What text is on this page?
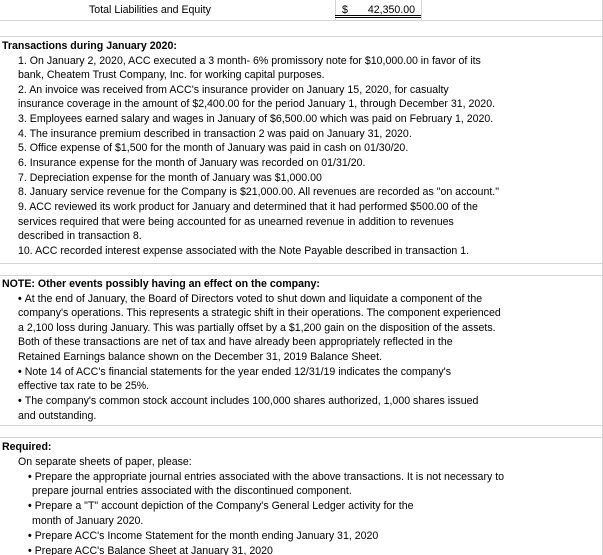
Total Liabilities and Equity	$ 42,350.00
Transactions during January 2020:
1. On January 2, 2020, ACC executed a 3 month- 6% promissory note for $10,000.00 in favor of its
bank, Cheatem Trust Company, Inc. for working capital purposes.
2. An invoice was received from ACC's insurance provider on January 15, 2020, for casualty
insurance coverage in the amount of $2,400.00 for the period January 1, through December 31, 2020.
3. Employees earned salary and wages in January of $6,500.00 which was paid on February 1, 2020.
4. The insurance premium described in transaction 2 was paid on January 31, 2020.
5. Office expense of $1,500 for the month of January was paid in cash on 01/30/20.
6. Insurance expense for the month of January was recorded on 01/31/20.
7. Depreciation expense for the month of January was $1,000.00
8. January service revenue for the Company is $21,000.00. All revenues are recorded as "on account."
9. ACC reviewed its work product for January and determined that it had performed $500.00 of the
services required that were being accounted for as unearned revenue in addition to revenues
described in transaction 8.
10. ACC recorded interest expense associated with the Note Payable described in transaction 1.
NOTE: Other events possibly having an effect on the company:
• At the end of January, the Board of Directors voted to shut down and liquidate a component of the
company's operations. This represents a strategic shift in their operations. The component experienced
a 2,100 loss during January. This was partially offset by a $1,200 gain on the disposition of the assets.
Both of these transactions are net of tax and have already been appropriately reflected in the
Retained Earnings balance shown on the December 31, 2019 Balance Sheet.
• Note 14 of ACC's financial statements for the year ended 12/31/19 indicates the company's
effective tax rate to be 25%.
• The company's common stock account includes 100,000 shares authorized, 1,000 shares issued
and outstanding.
Required:
On separate sheets of paper, please:
• Prepare the appropriate journal entries associated with the above transactions. It is not necessary to
prepare journal entries associated with the discontinued component.
• Prepare a "T" account depiction of the Company's General Ledger activity for the
month of January 2020.
• Prepare ACC's Income Statement for the month ending January 31, 2020
• Prepare ACC's Balance Sheet at January 31, 2020
